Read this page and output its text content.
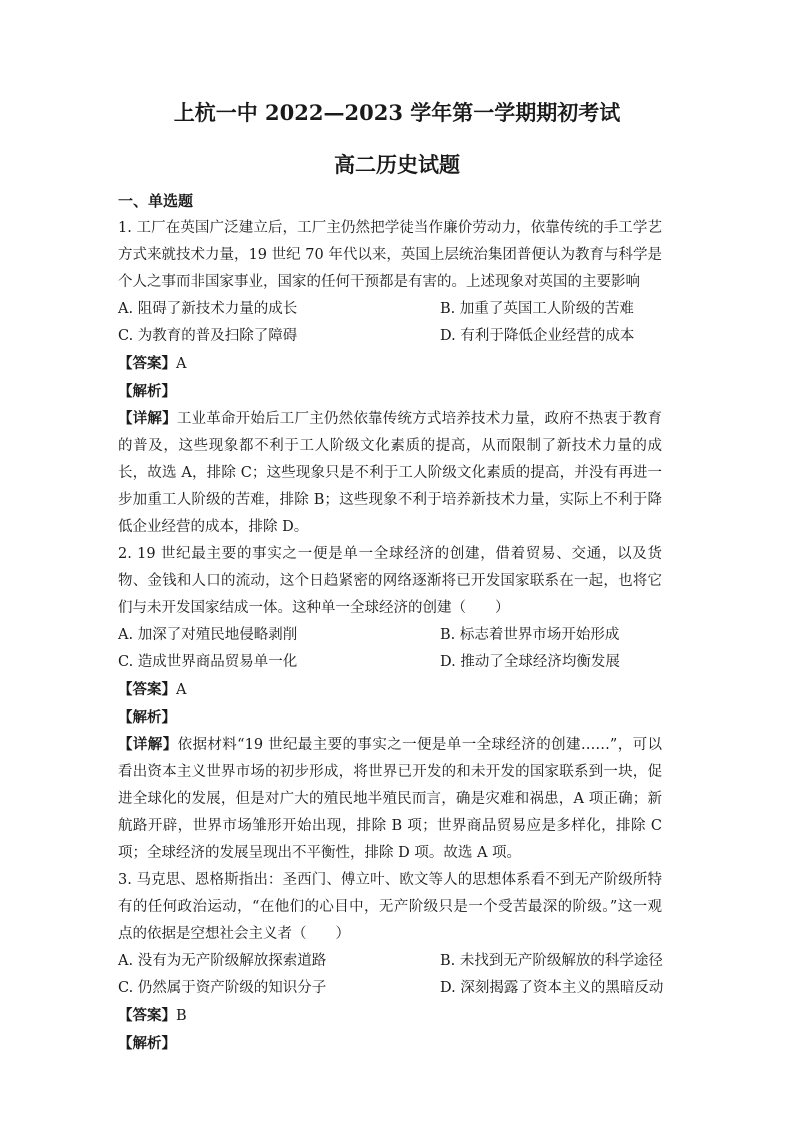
上杭一中 2022—2023 学年第一学期期初考试
高二历史试题
一、单选题

1. 工厂在英国广泛建立后，工厂主仍然把学徒当作廉价劳动力，依靠传统的手工学艺方式来就技术力量，19 世纪 70 年代以来，英国上层统治集团普便认为教育与科学是个人之事而非国家事业，国家的任何干预都是有害的。上述现象对英国的主要影响

A. 阻碍了新技术力量的成长	B. 加重了英国工人阶级的苦难
C. 为教育的普及扫除了障碍	D. 有利于降低企业经营的成本
【答案】A
【解析】

【详解】工业革命开始后工厂主仍然依靠传统方式培养技术力量，政府不热衷于教育的普及，这些现象都不利于工人阶级文化素质的提高，从而限制了新技术力量的成长，故选 A，排除 C；这些现象只是不利于工人阶级文化素质的提高，并没有再进一步加重工人阶级的苦难，排除 B；这些现象不利于培养新技术力量，实际上不利于降低企业经营的成本，排除 D。

2. 19 世纪最主要的事实之一便是单一全球经济的创建，借着贸易、交通，以及货物、金钱和人口的流动，这个日趋紧密的网络逐渐将已开发国家联系在一起，也将它们与未开发国家结成一体。这种单一全球经济的创建（　　）

A. 加深了对殖民地侵略剥削	B. 标志着世界市场开始形成
C. 造成世界商品贸易单一化	D. 推动了全球经济均衡发展
【答案】A
【解析】

【详解】依据材料“19 世纪最主要的事实之一便是单一全球经济的创建……”，可以看出资本主义世界市场的初步形成，将世界已开发的和未开发的国家联系到一块，促进全球化的发展，但是对广大的殖民地半殖民而言，确是灾难和祸患，A 项正确；新航路开辟，世界市场雏形开始出现，排除 B 项；世界商品贸易应是多样化，排除 C 项；全球经济的发展呈现出不平衡性，排除 D 项。故选 A 项。

3. 马克思、恩格斯指出：圣西门、傅立叶、欧文等人的思想体系看不到无产阶级所特有的任何政治运动，“在他们的心目中，无产阶级只是一个受苦最深的阶级。”这一观点的依据是空想社会主义者（　　）

A. 没有为无产阶级解放探索道路	B. 未找到无产阶级解放的科学途径
C. 仍然属于资产阶级的知识分子	D. 深刻揭露了资本主义的黑暗反动
【答案】B
【解析】
